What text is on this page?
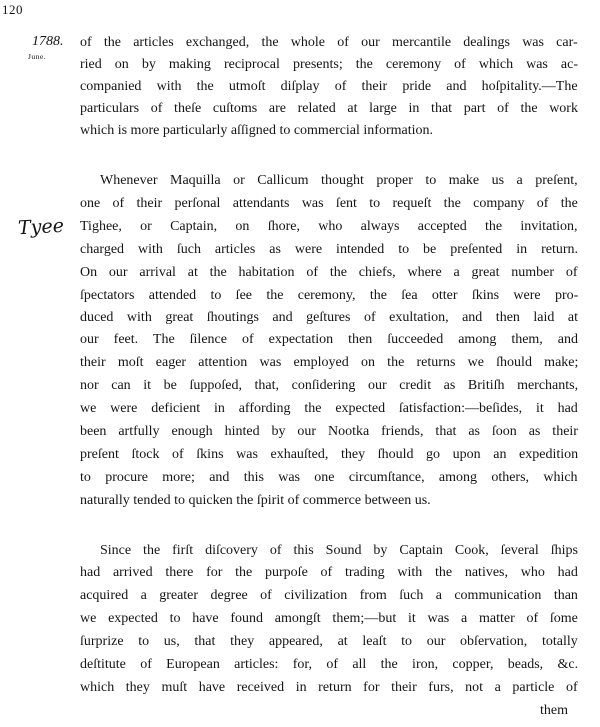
120
1788.
June.
Tyee
of the articles exchanged, the whole of our mercantile dealings was car-
ried on by making reciprocal presents; the ceremony of which was ac-
companied with the utmoſt diſplay of their pride and hoſpitality.—The
particulars of theſe cuſtoms are related at large in that part of the work
which is more particularly aſſigned to commercial information.
Whenever Maquilla or Callicum thought proper to make us a preſent,
one of their perſonal attendants was ſent to requeſt the company of the
Tighee, or Captain, on ſhore, who always accepted the invitation,
charged with ſuch articles as were intended to be preſented in return.
On our arrival at the habitation of the chiefs, where a great number of
ſpectators attended to ſee the ceremony, the ſea otter ſkins were pro-
duced with great ſhoutings and geſtures of exultation, and then laid at
our feet. The ſilence of expectation then ſucceeded among them, and
their moſt eager attention was employed on the returns we ſhould make;
nor can it be ſuppoſed, that, conſidering our credit as Britiſh merchants,
we were deficient in affording the expected ſatisfaction:—beſides, it had
been artfully enough hinted by our Nootka friends, that as ſoon as their
preſent ſtock of ſkins was exhauſted, they ſhould go upon an expedition
to procure more; and this was one circumſtance, among others, which
naturally tended to quicken the ſpirit of commerce between us.
Since the firſt diſcovery of this Sound by Captain Cook, ſeveral ſhips
had arrived there for the purpoſe of trading with the natives, who had
acquired a greater degree of civilization from ſuch a communication than
we expected to have found amongſt them;—but it was a matter of ſome
ſurprize to us, that they appeared, at leaſt to our obſervation, totally
deſtitute of European articles: for, of all the iron, copper, beads, &c.
which they muſt have received in return for their furs, not a particle of
them
